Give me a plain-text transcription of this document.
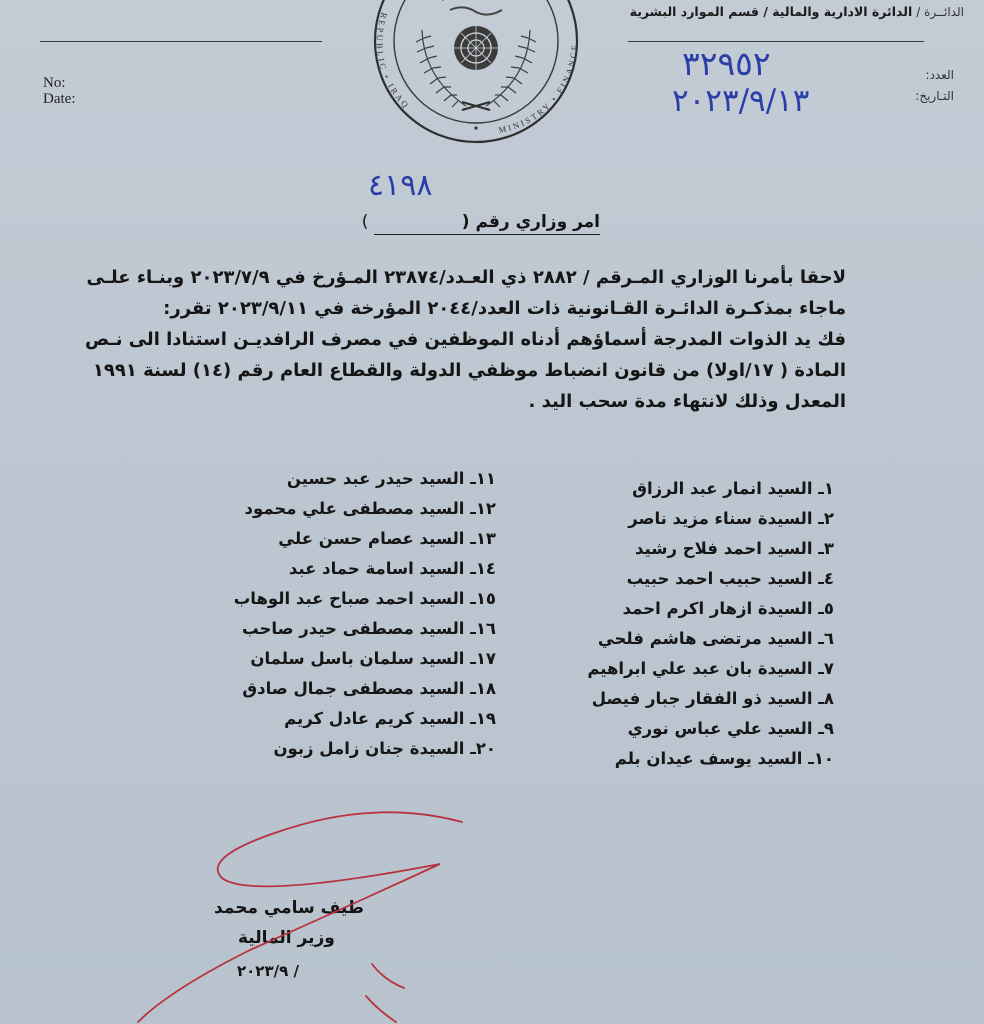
No:
Date:
REPUBLIC • IRAQ
MINISTRY • FINANCE
الدائــرة /
الدائرة الادارية والمالية / قسم الموارد البشرية
العدد:
التـاريخ:
٣٢٩٥٢
٢٠٢٣/٩/١٣
٤١٩٨
امر وزاري رقم ()

لاحقا بأمرنا الوزاري المـرقم / ٢٨٨٢ ذي العـدد/٢٣٨٧٤ المـؤرخ في ٢٠٢٣/٧/٩ وبنـاء علـى

ماجاء بمذكـرة الدائـرة القـانونية ذات العدد/٢٠٤٤ المؤرخة في ٢٠٢٣/٩/١١ تقرر:

فك يد الذوات المدرجة أسماؤهم أدناه الموظفين في مصرف الرافديـن استنادا الى نـص

المادة ( ١٧/اولا) من قانون انضباط موظفي الدولة والقطاع العام رقم (١٤) لسنة ١٩٩١

المعدل وذلك لانتهاء مدة سحب اليد .

١ـ السيد انمار عبد الرزاق
٢ـ السيدة سناء مزيد ناصر
٣ـ السيد احمد فلاح رشيد
٤ـ السيد حبيب احمد حبيب
٥ـ السيدة ازهار اكرم احمد
٦ـ السيد مرتضى هاشم فلحي
٧ـ السيدة بان عبد علي ابراهيم
٨ـ السيد ذو الفقار جبار فيصل
٩ـ السيد علي عباس نوري
١٠ـ السيد يوسف عيدان بلم
١١ـ السيد حيدر عبد حسين
١٢ـ السيد مصطفى علي محمود
١٣ـ السيد عصام حسن علي
١٤ـ السيد اسامة حماد عبد
١٥ـ السيد احمد صباح عبد الوهاب
١٦ـ السيد مصطفى حيدر صاحب
١٧ـ السيد سلمان باسل سلمان
١٨ـ السيد مصطفى جمال صادق
١٩ـ السيد كريم عادل كريم
٢٠ـ السيدة جنان زامل زبون
طيف سامي محمد
وزير المالية
/ ٢٠٢٣/٩
